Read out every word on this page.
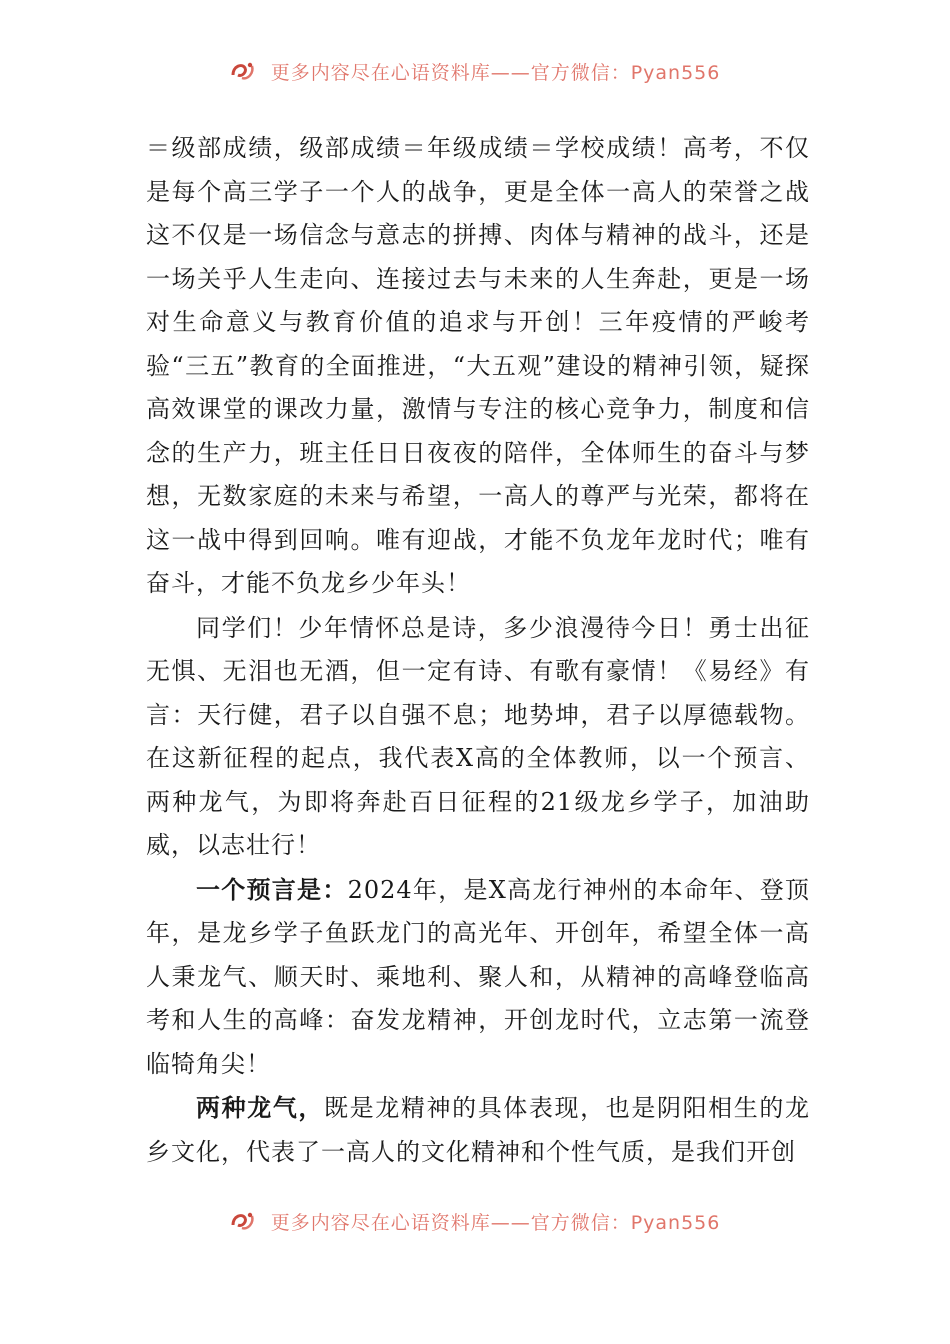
更多内容尽在心语资料库——官方微信：Pyan556

＝级部成绩，级部成绩＝年级成绩＝学校成绩！高考，不仅是每个高三学子一个人的战争，更是全体一高人的荣誉之战这不仅是一场信念与意志的拼搏、肉体与精神的战斗，还是一场关乎人生走向、连接过去与未来的人生奔赴，更是一场对生命意义与教育价值的追求与开创！三年疫情的严峻考验“三五”教育的全面推进，“大五观”建设的精神引领，疑探高效课堂的课改力量，激情与专注的核心竞争力，制度和信念的生产力，班主任日日夜夜的陪伴，全体师生的奋斗与梦想，无数家庭的未来与希望，一高人的尊严与光荣，都将在这一战中得到回响。唯有迎战，才能不负龙年龙时代；唯有奋斗，才能不负龙乡少年头！

同学们！少年情怀总是诗，多少浪漫待今日！勇士出征无惧、无泪也无酒，但一定有诗、有歌有豪情！《易经》有言：天行健，君子以自强不息；地势坤，君子以厚德载物。在这新征程的起点，我代表X高的全体教师，以一个预言、两种龙气，为即将奔赴百日征程的21级龙乡学子，加油助威，以志壮行！

一个预言是：2024年，是X高龙行神州的本命年、登顶年，是龙乡学子鱼跃龙门的高光年、开创年，希望全体一高人秉龙气、顺天时、乘地利、聚人和，从精神的高峰登临高考和人生的高峰：奋发龙精神，开创龙时代，立志第一流登临犄角尖！

两种龙气，既是龙精神的具体表现，也是阴阳相生的龙乡文化，代表了一高人的文化精神和个性气质，是我们开创

更多内容尽在心语资料库——官方微信：Pyan556
